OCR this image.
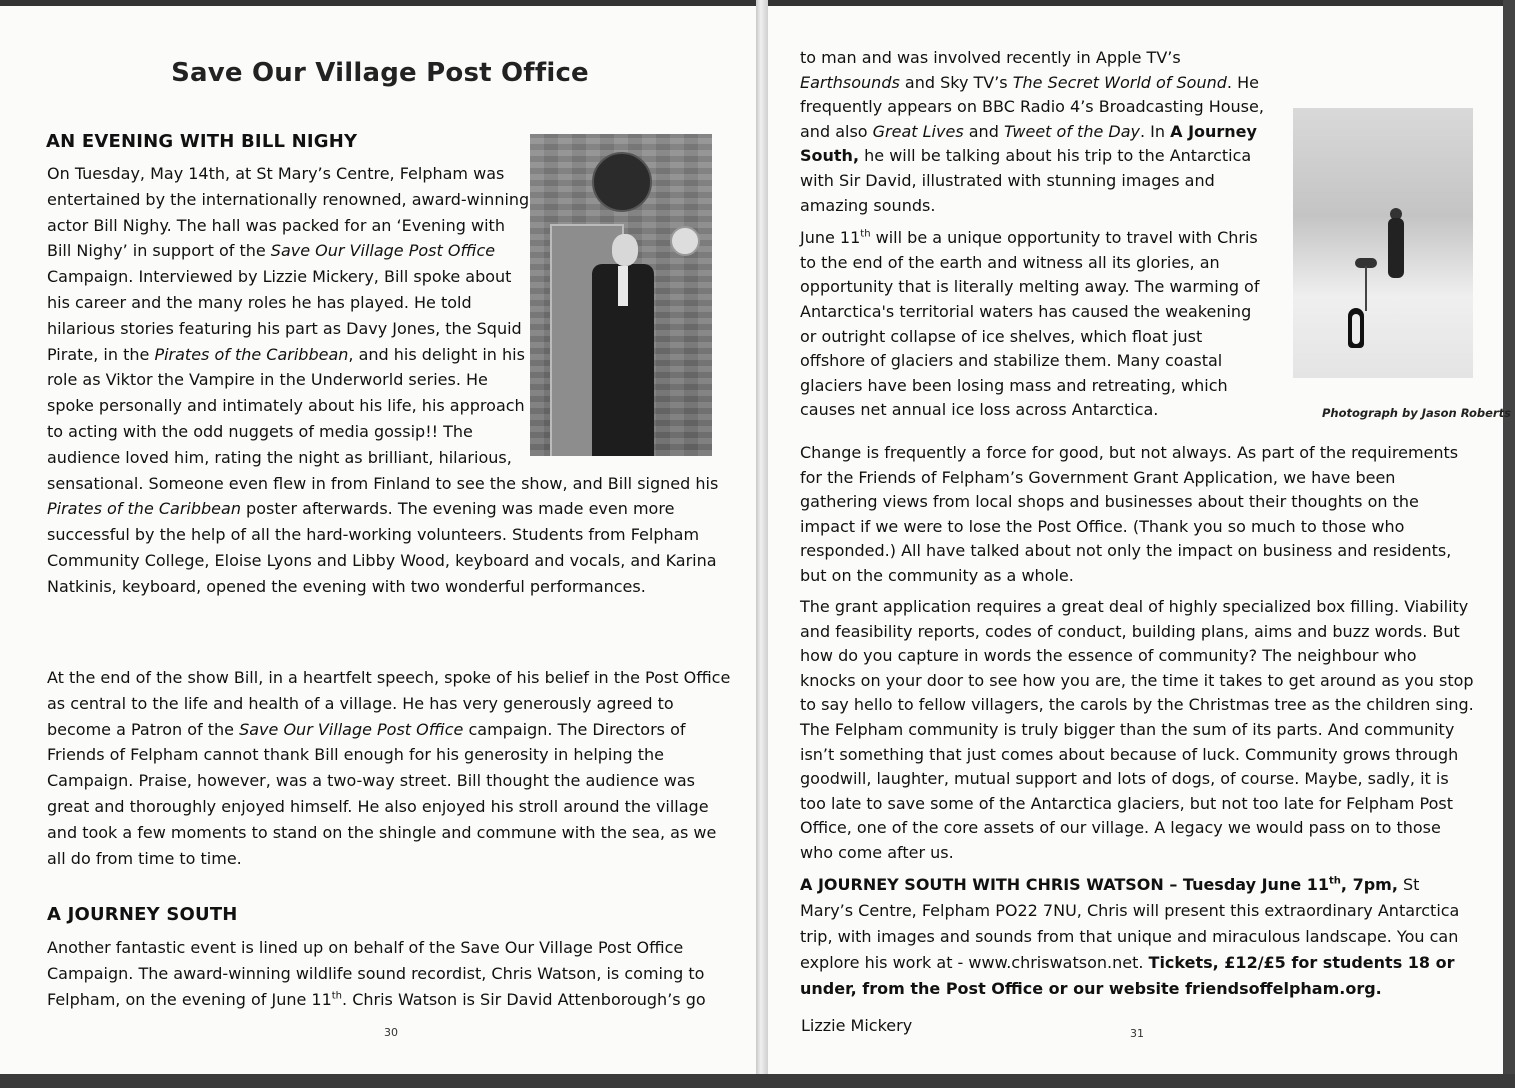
Save Our Village Post Office
AN EVENING WITH BILL NIGHY
On Tuesday, May 14th, at St Mary’s Centre, Felpham was entertained by the internationally renowned, award-winning actor Bill Nighy. The hall was packed for an ‘Evening with Bill Nighy’ in support of the Save Our Village Post Office Campaign. Interviewed by Lizzie Mickery, Bill spoke about his career and the many roles he has played. He told hilarious stories featuring his part as Davy Jones, the Squid Pirate, in the Pirates of the Caribbean, and his delight in his role as Viktor the Vampire in the Underworld series. He spoke personally and intimately about his life, his approach to acting with the odd nuggets of media gossip!! The audience loved him, rating the night as brilliant, hilarious, sensational. Someone even flew in from Finland to see the show, and Bill signed his Pirates of the Caribbean poster afterwards. The evening was made even more successful by the help of all the hard-working volunteers. Students from Felpham Community College, Eloise Lyons and Libby Wood, keyboard and vocals, and Karina Natkinis, keyboard, opened the evening with two wonderful performances.
At the end of the show Bill, in a heartfelt speech, spoke of his belief in the Post Office as central to the life and health of a village. He has very generously agreed to become a Patron of the Save Our Village Post Office campaign. The Directors of Friends of Felpham cannot thank Bill enough for his generosity in helping the Campaign. Praise, however, was a two-way street. Bill thought the audience was great and thoroughly enjoyed himself. He also enjoyed his stroll around the village and took a few moments to stand on the shingle and commune with the sea, as we all do from time to time.
A JOURNEY SOUTH
Another fantastic event is lined up on behalf of the Save Our Village Post Office Campaign. The award-winning wildlife sound recordist, Chris Watson, is coming to Felpham, on the evening of June 11th. Chris Watson is Sir David Attenborough’s go
30

to man and was involved recently in Apple TV’s Earthsounds and Sky TV’s The Secret World of Sound. He frequently appears on BBC Radio 4’s Broadcasting House, and also Great Lives and Tweet of the Day. In A Journey South, he will be talking about his trip to the Antarctica with Sir David, illustrated with stunning images and amazing sounds.

June 11th will be a unique opportunity to travel with Chris to the end of the earth and witness all its glories, an opportunity that is literally melting away. The warming of Antarctica's territorial waters has caused the weakening or outright collapse of ice shelves, which float just offshore of glaciers and stabilize them. Many coastal glaciers have been losing mass and retreating, which causes net annual ice loss across Antarctica.	Photograph by Jason Roberts
Change is frequently a force for good, but not always. As part of the requirements for the Friends of Felpham’s Government Grant Application, we have been gathering views from local shops and businesses about their thoughts on the impact if we were to lose the Post Office. (Thank you so much to those who responded.) All have talked about not only the impact on business and residents, but on the community as a whole.
The grant application requires a great deal of highly specialized box filling. Viability and feasibility reports, codes of conduct, building plans, aims and buzz words. But how do you capture in words the essence of community? The neighbour who knocks on your door to see how you are, the time it takes to get around as you stop to say hello to fellow villagers, the carols by the Christmas tree as the children sing. The Felpham community is truly bigger than the sum of its parts. And community isn’t something that just comes about because of luck. Community grows through goodwill, laughter, mutual support and lots of dogs, of course. Maybe, sadly, it is too late to save some of the Antarctica glaciers, but not too late for Felpham Post Office, one of the core assets of our village. A legacy we would pass on to those who come after us.
A JOURNEY SOUTH WITH CHRIS WATSON – Tuesday June 11th, 7pm, St Mary’s Centre, Felpham PO22 7NU, Chris will present this extraordinary Antarctica trip, with images and sounds from that unique and miraculous landscape. You can explore his work at - www.chriswatson.net. Tickets, £12/£5 for students 18 or under, from the Post Office or our website friendsoffelpham.org.
Lizzie Mickery	31
